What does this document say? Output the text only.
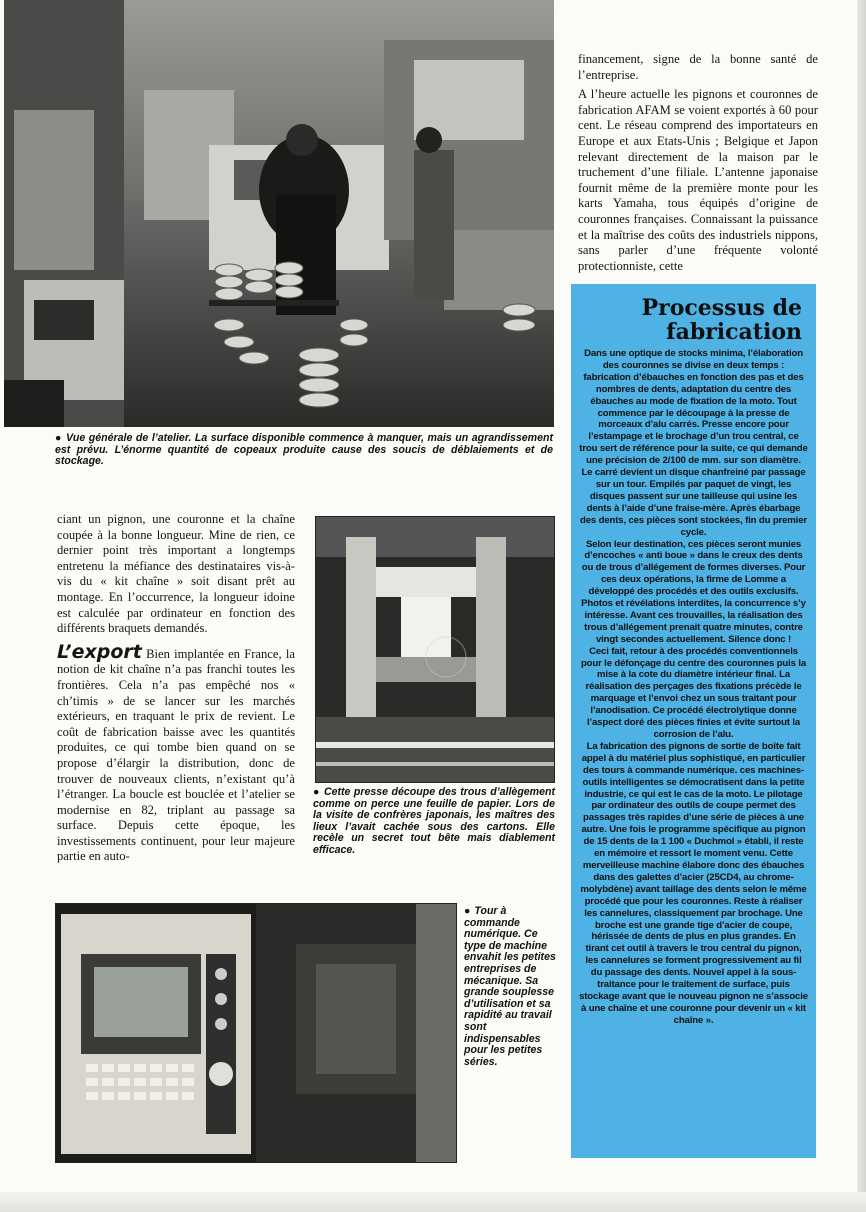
financement, signe de la bonne santé de l’entreprise.

A l’heure actuelle les pignons et couronnes de fabrication AFAM se voient exportés à 60 pour cent. Le réseau comprend des importateurs en Europe et aux Etats-Unis ; Belgique et Japon relevant directement de la maison par le truchement d’une filiale. L’antenne japonaise fournit même de la première monte pour les karts Yamaha, tous équipés d’origine de couronnes françaises. Connaissant la puissance et la maîtrise des coûts des industriels nippons, sans parler d’une fréquente volonté protectionniste, cette

● Vue générale de l’atelier. La surface disponible commence à manquer, mais un agrandissement est prévu. L’énorme quantité de copeaux produite cause des soucis de déblaiements et de stockage.

ciant un pignon, une couronne et la chaîne coupée à la bonne longueur. Mine de rien, ce dernier point très important a longtemps entretenu la méfiance des destinataires vis-à-vis du « kit chaîne » soit disant prêt au montage. En l’occurrence, la longueur idoine est calculée par ordinateur en fonction des différents braquets demandés.

L’export Bien implantée en France, la notion de kit chaîne n’a pas franchi toutes les frontières. Cela n’a pas empêché nos « ch’timis » de se lancer sur les marchés extérieurs, en traquant le prix de revient. Le coût de fabrication baisse avec les quantités produites, ce qui tombe bien quand on se propose d’élargir la distribution, donc de trouver de nouveaux clients, n’existant qu’à l’étranger. La boucle est bouclée et l’atelier se modernise en 82, triplant au passage sa surface. Depuis cette époque, les investissements continuent, pour leur majeure partie en auto-

● Cette presse découpe des trous d’allègement comme on perce une feuille de papier. Lors de la visite de confrères japonais, les maîtres des lieux l’avait cachée sous des cartons. Elle recèle un secret tout bête mais diablement efficace.
● Tour à commande numérique. Ce type de machine envahit les petites entreprises de mécanique. Sa grande souplesse d’utilisation et sa rapidité au travail sont indispensables pour les petites séries.
Processus de
fabrication

Dans une optique de stocks minima, l’élaboration des couronnes se divise en deux temps : fabrication d’ébauches en fonction des pas et des nombres de dents, adaptation du centre des ébauches au mode de fixation de la moto. Tout commence par le découpage à la presse de morceaux d’alu carrés. Presse encore pour l’estampage et le brochage d’un trou central, ce trou sert de référence pour la suite, ce qui demande une précision de 2/100 de mm. sur son diamètre.

Le carré devient un disque chanfreiné par passage sur un tour. Empilés par paquet de vingt, les disques passent sur une tailleuse qui usine les dents à l’aide d’une fraise-mère. Après ébarbage des dents, ces pièces sont stockées, fin du premier cycle.

Selon leur destination, ces pièces seront munies d’encoches « anti boue » dans le creux des dents ou de trous d’allégement de formes diverses. Pour ces deux opérations, la firme de Lomme a développé des procédés et des outils exclusifs. Photos et révélations interdites, la concurrence s’y intéresse. Avant ces trouvailles, la réalisation des trous d’allégement prenait quatre minutes, contre vingt secondes actuellement. Silence donc !

Ceci fait, retour à des procédés conventionnels pour le défonçage du centre des couronnes puis la mise à la cote du diamètre intérieur final. La réalisation des perçages des fixations précède le marquage et l’envoi chez un sous traitant pour l’anodisation. Ce procédé électrolytique donne l’aspect doré des pièces finies et évite surtout la corrosion de l’alu.

La fabrication des pignons de sortie de boîte fait appel à du matériel plus sophistiqué, en particulier des tours à commande numérique. ces machines-outils intelligentes se démocratisent dans la petite industrie, ce qui est le cas de la moto. Le pilotage par ordinateur des outils de coupe permet des passages très rapides d’une série de pièces à une autre. Une fois le programme spécifique au pignon de 15 dents de la 1 100 « Duchmol » établi, il reste en mémoire et ressort le moment venu. Cette merveilleuse machine élabore donc des ébauches dans des galettes d’acier (25CD4, au chrome-molybdène) avant taillage des dents selon le même procédé que pour les couronnes. Reste à réaliser les cannelures, classiquement par brochage. Une broche est une grande tige d’acier de coupe, hérissée de dents de plus en plus grandes. En tirant cet outil à travers le trou central du pignon, les cannelures se forment progressivement au fil du passage des dents. Nouvel appel à la sous-traitance pour le traitement de surface, puis stockage avant que le nouveau pignon ne s’associe à une chaîne et une couronne pour devenir un « kit chaîne ».
